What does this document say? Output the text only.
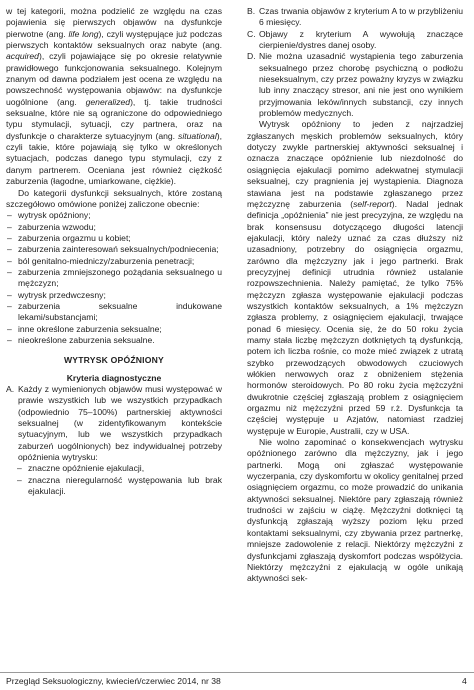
w tej kategorii, można podzielić ze względu na czas pojawienia się pierwszych objawów na dysfunkcje pierwotne (ang. life long), czyli występujące już podczas pierwszych kontaktów seksualnych oraz nabyte (ang. acquired), czyli pojawiające się po okresie relatywnie prawidłowego funkcjonowania seksualnego. Kolejnym znanym od dawna podziałem jest ocena ze względu na powszechność występowania objawów: na dysfunkcje uogólnione (ang. generalized), tj. takie trudności seksualne, które nie są ograniczone do odpowiedniego typu stymulacji, sytuacji, czy partnera, oraz na dysfunkcje o charakterze sytuacyjnym (ang. situational), czyli takie, które pojawiają się tylko w określonych sytuacjach, podczas danego typu stymulacji, czy z danym partnerem. Oceniana jest również ciężkość zaburzenia (łagodne, umiarkowane, ciężkie).

Do kategorii dysfunkcji seksualnych, które zostaną szczegółowo omówione poniżej zaliczone obecnie:

– wytrysk opóźniony;
– zaburzenia wzwodu;
– zaburzenia orgazmu u kobiet;
– zaburzenia zainteresowań seksualnych/podniecenia;
– ból genitalno-miedniczy/zaburzenia penetracji;
– zaburzenia zmniejszonego pożądania seksualnego u mężczyzn;
– wytrysk przedwczesny;
– zaburzenia seksualne indukowane lekami/substancjami;
– inne określone zaburzenia seksualne;
– nieokreślone zaburzenia seksualne.
WYTRYSK OPÓŹNIONY
Kryteria diagnostyczne

A. Każdy z wymienionych objawów musi występować w prawie wszystkich lub we wszystkich przypadkach (odpowiednio 75–100%) partnerskiej aktywności seksualnej (w zidentyfikowanym kontekście sytuacyjnym, lub we wszystkich przypadkach zaburzeń uogólnionych) bez indywidualnej potrzeby opóźnienia wytrysku:

– znaczne opóźnienie ejakulacji,
– znaczna nieregularność występowania lub brak ejakulacji.

B. Czas trwania objawów z kryterium A to w przybliżeniu 6 miesięcy.

C. Objawy z kryterium A wywołują znaczące cierpienie/dystres danej osoby.

D. Nie można uzasadnić wystąpienia tego zaburzenia seksualnego przez chorobę psychiczną o podłożu nieseksualnym, czy przez poważny kryzys w związku lub inny znaczący stresor, ani nie jest ono wynikiem przyjmowania leków/innych substancji, czy innych problemów medycznych.

Wytrysk opóźniony to jeden z najrzadziej zgłaszanych męskich problemów seksualnych, który dotyczy zwykle partnerskiej aktywności seksualnej i oznacza znaczące opóźnienie lub niezdolność do osiągnięcia ejakulacji pomimo adekwatnej stymulacji seksualnej, czy pragnienia jej wystąpienia. Diagnoza stawiana jest na podstawie zgłaszanego przez mężczyznę zaburzenia (self-report). Nadal jednak definicja „opóźnienia” nie jest precyzyjna, ze względu na brak konsensusu dotyczącego długości latencji ejakulacji, który należy uznać za czas dłuższy niż uzasadniony, potrzebny do osiągnięcia orgazmu, zarówno dla mężczyzny jak i jego partnerki. Brak precyzyjnej definicji utrudnia również ustalanie rozpowszechnienia. Należy pamiętać, że tylko 75% mężczyzn zgłasza występowanie ejakulacji podczas wszystkich kontaktów seksualnych, a 1% mężczyzn zgłasza problemy, z osiągnięciem ejakulacji, trwające ponad 6 miesięcy. Ocenia się, że do 50 roku życia mamy stała liczbę mężczyzn dotkniętych tą dysfunkcją, potem ich liczba rośnie, co może mieć związek z utratą szybko przewodzących obwodowych czuciowych włókien nerwowych oraz z obniżeniem stężenia hormonów steroidowych. Po 80 roku życia mężczyźni dwukrotnie częściej zgłaszają problem z osiągnięciem orgazmu niż mężczyźni przed 59 r.ż. Dysfunkcja ta częściej występuje u Azjatów, natomiast rzadziej występuje w Europie, Australii, czy w USA.

Nie wolno zapominać o konsekwencjach wytrysku opóźnionego zarówno dla mężczyzny, jak i jego partnerki. Mogą oni zgłaszać występowanie wyczerpania, czy dyskomfortu w okolicy genitalnej przed osiągnięciem orgazmu, co może prowadzić do unikania aktywności seksualnej. Niektóre pary zgłaszają również trudności w zajściu w ciążę. Mężczyźni dotknięci tą dysfunkcją zgłaszają wyższy poziom lęku przed kontaktami seksualnymi, czy zbywania przez partnerkę, mniejsze zadowolenie z relacji. Niektórzy mężczyźni z dysfunkcjami zgłaszają dyskomfort podczas współżycia. Niektórzy mężczyźni z ejakulacją w ogóle unikają aktywności sek-

Przegląd Seksuologiczny, kwiecień/czerwiec 2014, nr 38	4
